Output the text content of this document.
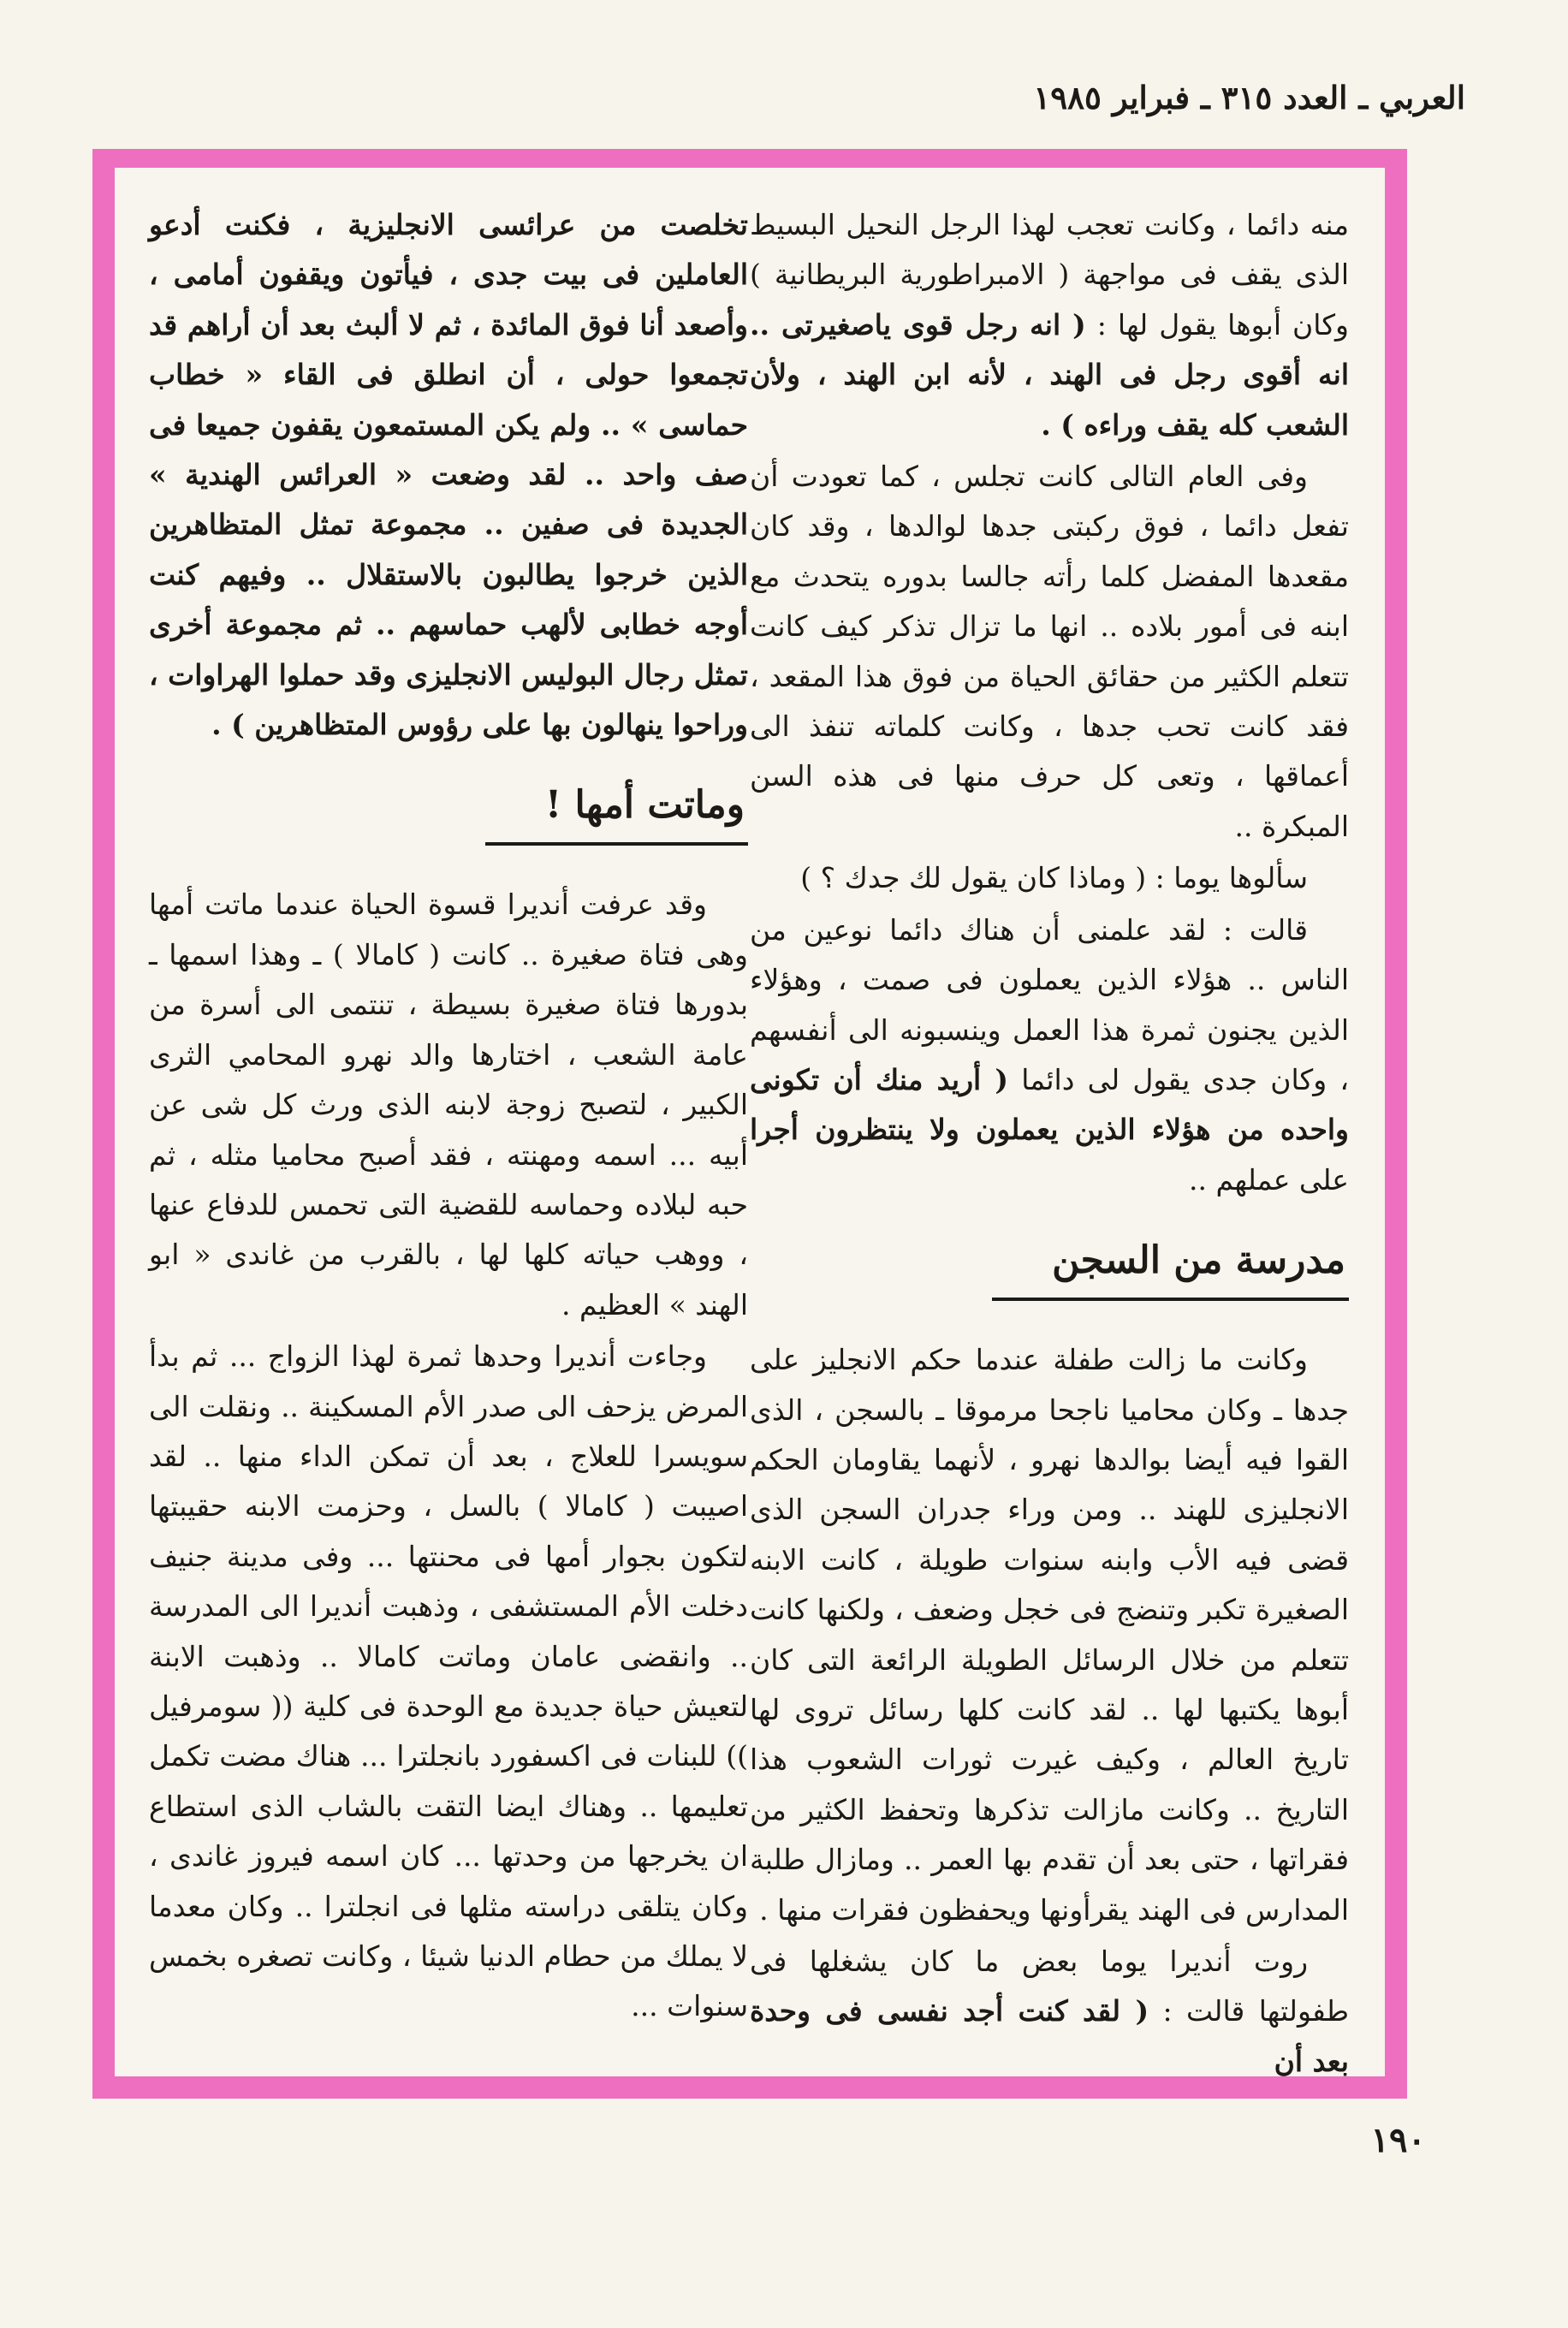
العربي ـ العدد ٣١٥ ـ فبراير ١٩٨٥

منه دائما ، وكانت تعجب لهذا الرجل النحيل البسيط الذى يقف فى مواجهة ( الامبراطورية البريطانية ) وكان أبوها يقول لها : ( انه رجل قوى ياصغيرتى .. انه أقوى رجل فى الهند ، لأنه ابن الهند ، ولأن الشعب كله يقف وراءه ) .

وفى العام التالى كانت تجلس ، كما تعودت أن تفعل دائما ، فوق ركبتى جدها لوالدها ، وقد كان مقعدها المفضل كلما رأته جالسا بدوره يتحدث مع ابنه فى أمور بلاده .. انها ما تزال تذكر كيف كانت تتعلم الكثير من حقائق الحياة من فوق هذا المقعد ، فقد كانت تحب جدها ، وكانت كلماته تنفذ الى أعماقها ، وتعى كل حرف منها فى هذه السن المبكرة ..

سألوها يوما : ( وماذا كان يقول لك جدك ؟ )

قالت : لقد علمنى أن هناك دائما نوعين من الناس .. هؤلاء الذين يعملون فى صمت ، وهؤلاء الذين يجنون ثمرة هذا العمل وينسبونه الى أنفسهم ، وكان جدى يقول لى دائما ( أريد منك أن تكونى واحده من هؤلاء الذين يعملون ولا ينتظرون أجرا على عملهم ..

مدرسة من السجن

وكانت ما زالت طفلة عندما حكم الانجليز على جدها ـ وكان محاميا ناجحا مرموقا ـ بالسجن ، الذى القوا فيه أيضا بوالدها نهرو ، لأنهما يقاومان الحكم الانجليزى للهند .. ومن وراء جدران السجن الذى قضى فيه الأب وابنه سنوات طويلة ، كانت الابنه الصغيرة تكبر وتنضج فى خجل وضعف ، ولكنها كانت تتعلم من خلال الرسائل الطويلة الرائعة التى كان أبوها يكتبها لها .. لقد كانت كلها رسائل تروى لها تاريخ العالم ، وكيف غيرت ثورات الشعوب هذا التاريخ .. وكانت مازالت تذكرها وتحفظ الكثير من فقراتها ، حتى بعد أن تقدم بها العمر .. ومازال طلبة المدارس فى الهند يقرأونها ويحفظون فقرات منها .

روت أنديرا يوما بعض ما كان يشغلها فى طفولتها قالت : ( لقد كنت أجد نفسى فى وحدة بعد أن

تخلصت من عرائسى الانجليزية ، فكنت أدعو العاملين فى بيت جدى ، فيأتون ويقفون أمامى ، وأصعد أنا فوق المائدة ، ثم لا ألبث بعد أن أراهم قد تجمعوا حولى ، أن انطلق فى القاء « خطاب حماسى » .. ولم يكن المستمعون يقفون جميعا فى صف واحد .. لقد وضعت « العرائس الهندية » الجديدة فى صفين .. مجموعة تمثل المتظاهرين الذين خرجوا يطالبون بالاستقلال .. وفيهم كنت أوجه خطابى لألهب حماسهم .. ثم مجموعة أخرى تمثل رجال البوليس الانجليزى وقد حملوا الهراوات ، وراحوا ينهالون بها على رؤوس المتظاهرين ) .

وماتت أمها !

وقد عرفت أنديرا قسوة الحياة عندما ماتت أمها وهى فتاة صغيرة .. كانت ( كامالا ) ـ وهذا اسمها ـ بدورها فتاة صغيرة بسيطة ، تنتمى الى أسرة من عامة الشعب ، اختارها والد نهرو المحامي الثرى الكبير ، لتصبح زوجة لابنه الذى ورث كل شى عن أبيه ... اسمه ومهنته ، فقد أصبح محاميا مثله ، ثم حبه لبلاده وحماسه للقضية التى تحمس للدفاع عنها ، ووهب حياته كلها لها ، بالقرب من غاندى « ابو الهند » العظيم .

وجاءت أنديرا وحدها ثمرة لهذا الزواج ... ثم بدأ المرض يزحف الى صدر الأم المسكينة .. ونقلت الى سويسرا للعلاج ، بعد أن تمكن الداء منها .. لقد اصيبت ( كامالا ) بالسل ، وحزمت الابنه حقيبتها لتكون بجوار أمها فى محنتها ... وفى مدينة جنيف دخلت الأم المستشفى ، وذهبت أنديرا الى المدرسة .. وانقضى عامان وماتت كامالا .. وذهبت الابنة لتعيش حياة جديدة مع الوحدة فى كلية (( سومرفيل )) للبنات فى اكسفورد بانجلترا ... هناك مضت تكمل تعليمها .. وهناك ايضا التقت بالشاب الذى استطاع ان يخرجها من وحدتها ... كان اسمه فيروز غاندى ، وكان يتلقى دراسته مثلها فى انجلترا .. وكان معدما لا يملك من حطام الدنيا شيئا ، وكانت تصغره بخمس سنوات ...

١٩٠
